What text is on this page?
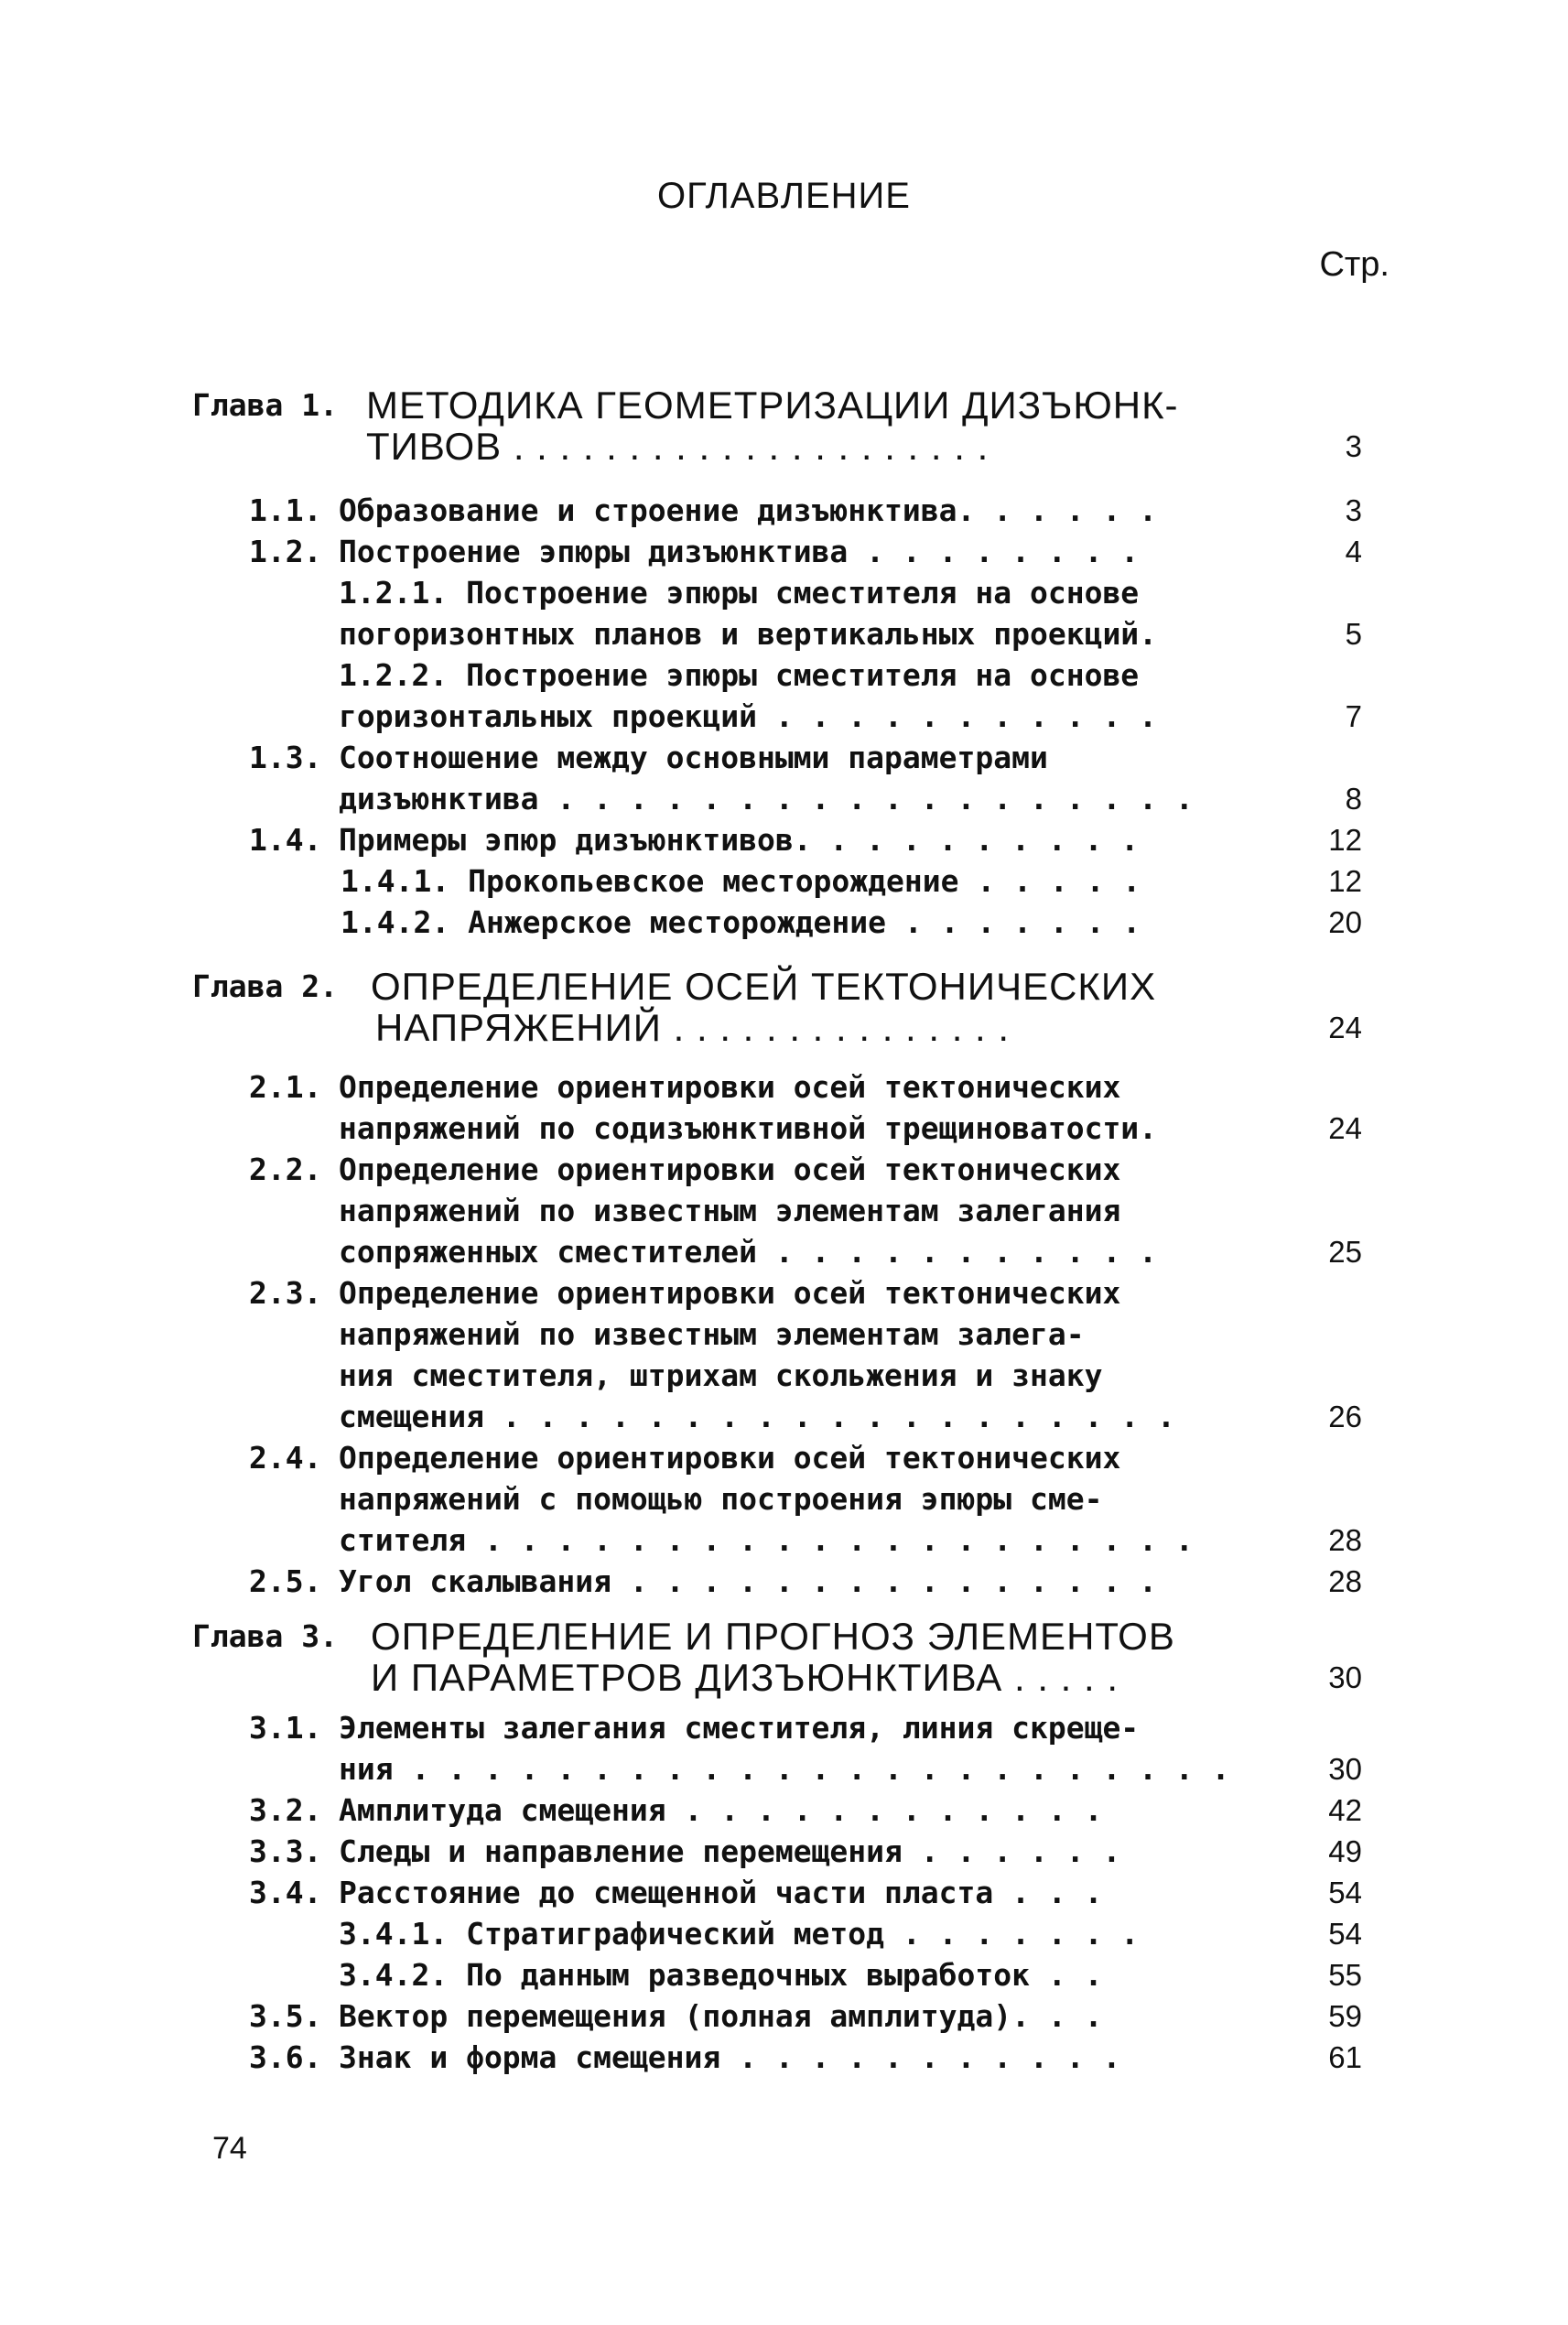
ОГЛАВЛЕНИЕ
Стр.
Глава 1. МЕТОДИКА ГЕОМЕТРИЗАЦИИ ДИЗЪЮНК-
ТИВОВ . . . . . . . . . . . . . . . . . . . . .	3
1.1. Образование и строение дизъюнктива. . . . . .	3
1.2. Построение эпюры дизъюнктива . . . . . . . .	4
1.2.1. Построение эпюры сместителя на основе
погоризонтных планов и вертикальных проекций.	5
1.2.2. Построение эпюры сместителя на основе
горизонтальных проекций . . . . . . . . . . .	7
1.3. Соотношение между основными параметрами
дизъюнктива . . . . . . . . . . . . . . . . . .	8
1.4. Примеры эпюр дизъюнктивов. . . . . . . . . .	12
1.4.1. Прокопьевское месторождение . . . . .	12
1.4.2. Анжерское месторождение . . . . . . .	20
Глава 2. ОПРЕДЕЛЕНИЕ ОСЕЙ ТЕКТОНИЧЕСКИХ
НАПРЯЖЕНИЙ . . . . . . . . . . . . . . .	24
2.1. Определение ориентировки осей тектонических
напряжений по содизъюнктивной трещиноватости.	24
2.2. Определение ориентировки осей тектонических
напряжений по известным элементам залегания
сопряженных сместителей . . . . . . . . . . .	25
2.3. Определение ориентировки осей тектонических
напряжений по известным элементам залега-
ния сместителя, штрихам скольжения и знаку
смещения . . . . . . . . . . . . . . . . . . .	26
2.4. Определение ориентировки осей тектонических
напряжений с помощью построения эпюры сме-
стителя . . . . . . . . . . . . . . . . . . . .	28
2.5. Угол скалывания . . . . . . . . . . . . . . .	28
Глава 3. ОПРЕДЕЛЕНИЕ И ПРОГНОЗ ЭЛЕМЕНТОВ
И ПАРАМЕТРОВ ДИЗЪЮНКТИВА . . . . .	30
3.1. Элементы залегания сместителя, линия скреще-
ния . . . . . . . . . . . . . . . . . . . . . . .	30
3.2. Амплитуда смещения . . . . . . . . . . . .	42
3.3. Следы и направление перемещения . . . . . .	49
3.4. Расстояние до смещенной части пласта . . .	54
3.4.1. Стратиграфический метод . . . . . . .	54
3.4.2. По данным разведочных выработок . .	55
3.5. Вектор перемещения (полная амплитуда). . .	59
3.6. Знак и форма смещения . . . . . . . . . . .	61
74
